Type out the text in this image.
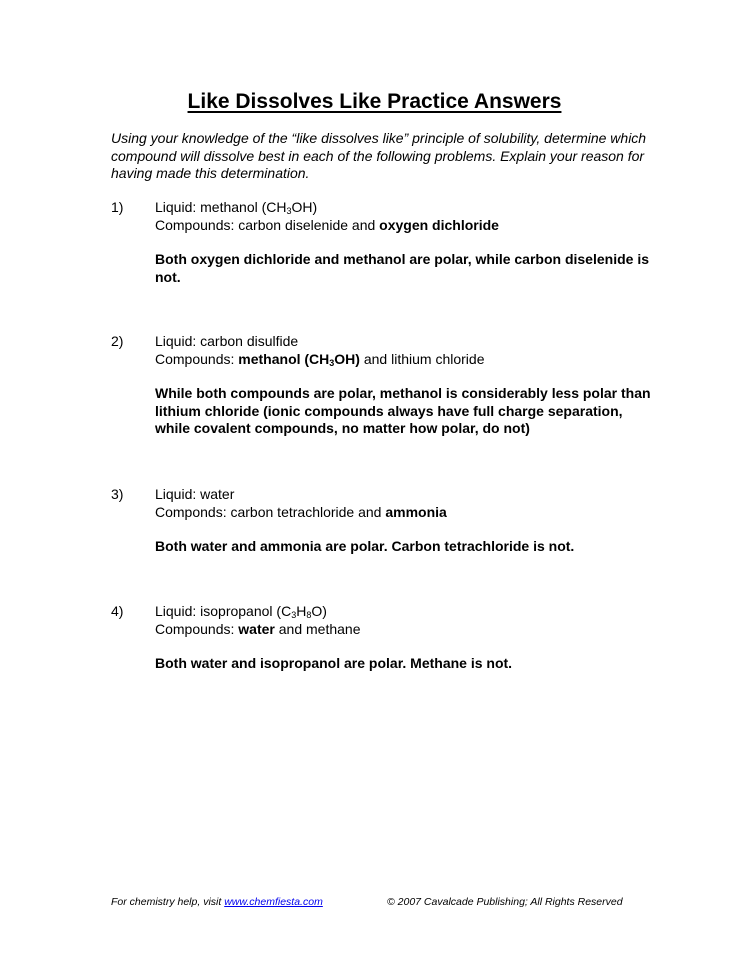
Like Dissolves Like Practice Answers
Using your knowledge of the “like dissolves like” principle of solubility, determine which compound will dissolve best in each of the following problems. Explain your reason for having made this determination.
1)	Liquid: methanol $(CH_3OH)$
Compounds: carbon diselenide and oxygen dichloride
Both oxygen dichloride and methanol are polar, while carbon diselenide is not.
2)	Liquid: carbon disulfide
Compounds: methanol $(CH_3OH)$ and lithium chloride
While both compounds are polar, methanol is considerably less polar than lithium chloride (ionic compounds always have full charge separation, while covalent compounds, no matter how polar, do not)
3)	Liquid: water
Componds: carbon tetrachloride and ammonia
Both water and ammonia are polar. Carbon tetrachloride is not.
4)	Liquid: isopropanol $(C_3H_8O)$
Compounds: water and methane
Both water and isopropanol are polar. Methane is not.
For chemistry help, visit www.chemfiesta.com	© 2007 Cavalcade Publishing; All Rights Reserved
